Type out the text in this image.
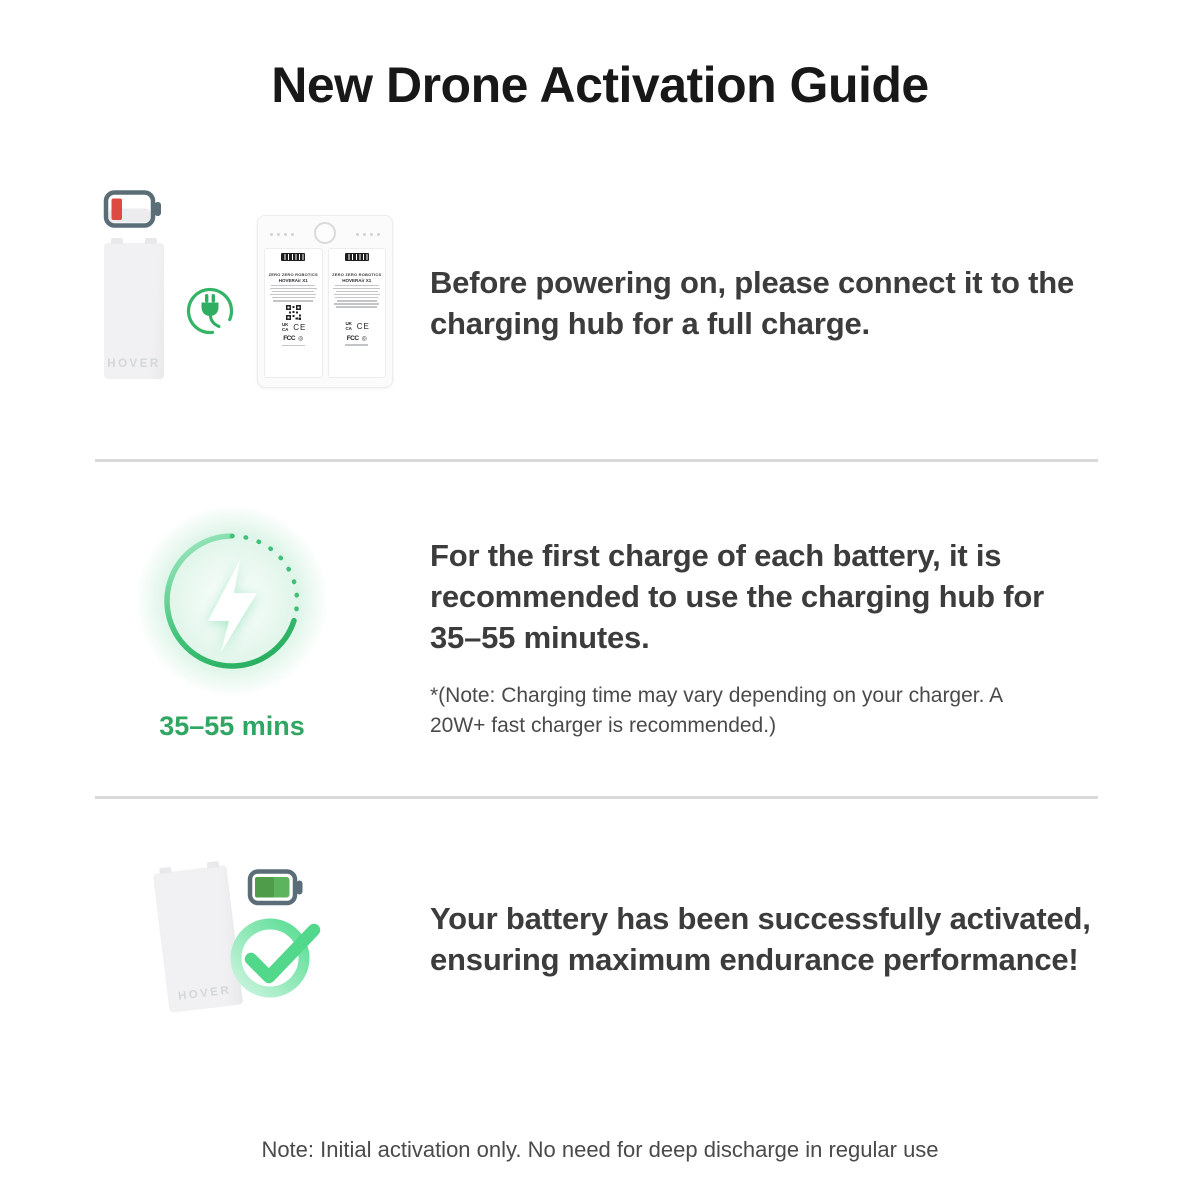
New Drone Activation Guide
HOVER
ZERO ZERO ROBOTICS
HOVERAir X1
UK CA CE
FCC ◎
ZERO ZERO ROBOTICS
HOVERAir X1
UK CA CE
FCC ◎
Before powering on, please connect it to the charging hub for a full charge.
35–55 mins
For the first charge of each battery, it is recommended to use the charging hub for 35–55 minutes.
*(Note: Charging time may vary depending on your charger. A 20W+ fast charger is recommended.)
HOVER
Your battery has been successfully activated, ensuring maximum endurance performance!
Note: Initial activation only. No need for deep discharge in regular use
